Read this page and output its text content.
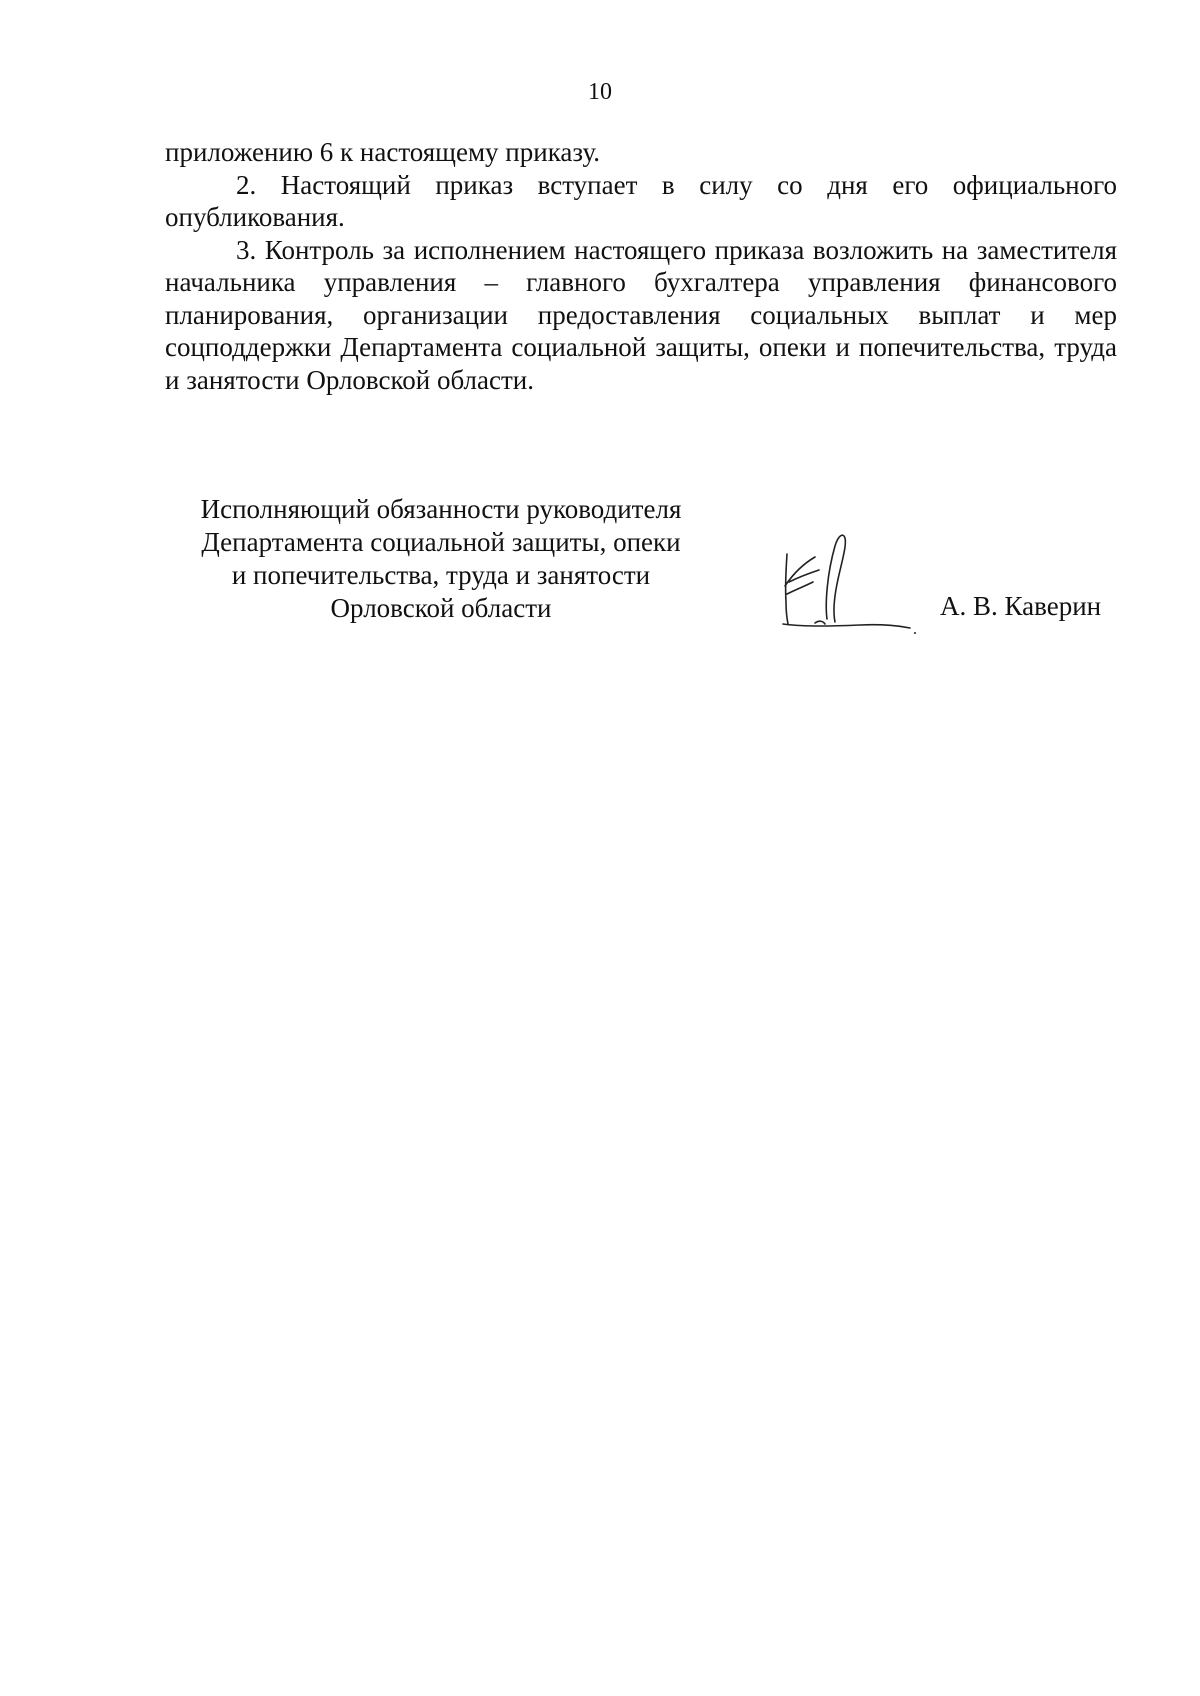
10

приложению 6 к настоящему приказу.

2. Настоящий приказ вступает в силу со дня его официального опубликования.

3. Контроль за исполнением настоящего приказа возложить на заместителя начальника управления – главного бухгалтера управления финансового планирования, организации предоставления социальных выплат и мер соцподдержки Департамента социальной защиты, опеки и попечительства, труда и занятости Орловской области.

Исполняющий обязанности руководителя
Департамента социальной защиты, опеки
и попечительства, труда и занятости
Орловской области	А. В. Каверин
